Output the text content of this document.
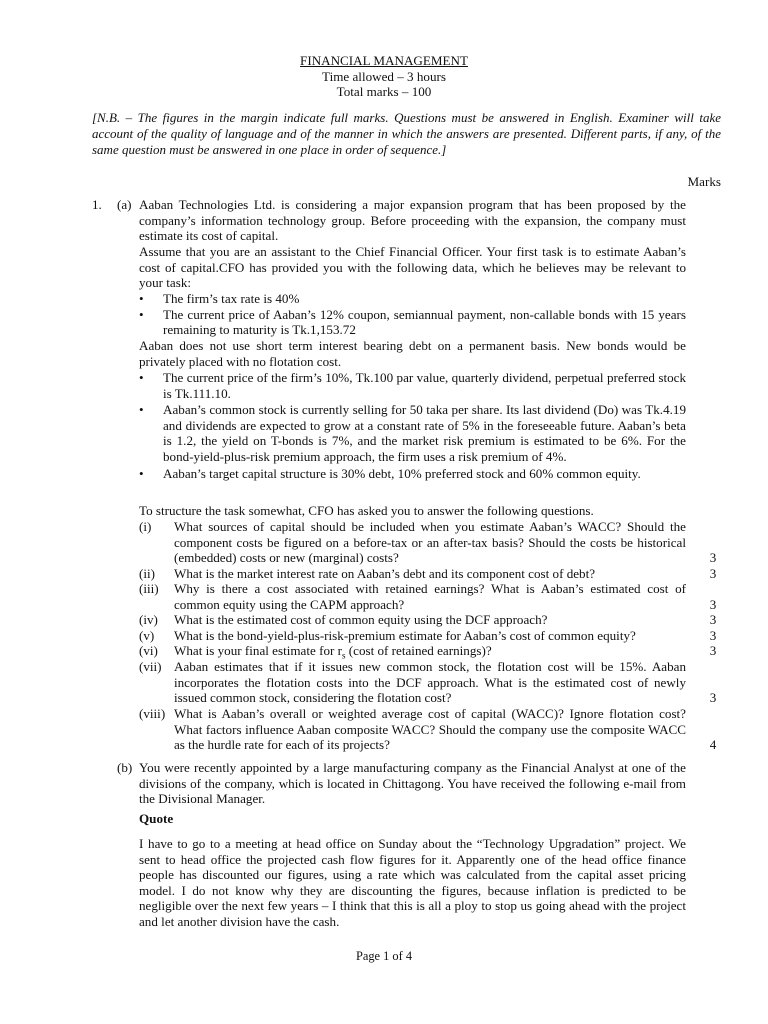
FINANCIAL MANAGEMENT
Time allowed – 3 hours
Total marks – 100
[N.B. – The figures in the margin indicate full marks. Questions must be answered in English. Examiner will take account of the quality of language and of the manner in which the answers are presented. Different parts, if any, of the same question must be answered in one place in order of sequence.]
Marks
1. (a) Aaban Technologies Ltd. is considering a major expansion program that has been proposed by the company’s information technology group. Before proceeding with the expansion, the company must estimate its cost of capital.
Assume that you are an assistant to the Chief Financial Officer. Your first task is to estimate Aaban’s cost of capital.CFO has provided you with the following data, which he believes may be relevant to your task:
•	The firm’s tax rate is 40%
•	The current price of Aaban’s 12% coupon, semiannual payment, non-callable bonds with 15 years remaining to maturity is Tk.1,153.72
Aaban does not use short term interest bearing debt on a permanent basis. New bonds would be privately placed with no flotation cost.
•	The current price of the firm’s 10%, Tk.100 par value, quarterly dividend, perpetual preferred stock is Tk.111.10.
•	Aaban’s common stock is currently selling for 50 taka per share. Its last dividend (Do) was Tk.4.19 and dividends are expected to grow at a constant rate of 5% in the foreseeable future. Aaban’s beta is 1.2, the yield on T-bonds is 7%, and the market risk premium is estimated to be 6%. For the bond-yield-plus-risk premium approach, the firm uses a risk premium of 4%.
•	Aaban’s target capital structure is 30% debt, 10% preferred stock and 60% common equity.
To structure the task somewhat, CFO has asked you to answer the following questions.
(i)	What sources of capital should be included when you estimate Aaban’s WACC? Should the component costs be figured on a before-tax or an after-tax basis? Should the costs be historical (embedded) costs or new (marginal) costs?	3
(ii)	What is the market interest rate on Aaban’s debt and its component cost of debt?	3
(iii)	Why is there a cost associated with retained earnings? What is Aaban’s estimated cost of common equity using the CAPM approach?	3
(iv)	What is the estimated cost of common equity using the DCF approach?	3
(v)	What is the bond-yield-plus-risk-premium estimate for Aaban’s cost of common equity?	3
(vi)	What is your final estimate for $r_s$ (cost of retained earnings)?	3
(vii) Aaban estimates that if it issues new common stock, the flotation cost will be 15%. Aaban incorporates the flotation costs into the DCF approach. What is the estimated cost of newly issued common stock, considering the flotation cost?	3
(viii) What is Aaban’s overall or weighted average cost of capital (WACC)? Ignore flotation cost? What factors influence Aaban composite WACC? Should the company use the composite WACC as the hurdle rate for each of its projects?	4
(b) You were recently appointed by a large manufacturing company as the Financial Analyst at one of the divisions of the company, which is located in Chittagong. You have received the following e-mail from the Divisional Manager.
Quote
I have to go to a meeting at head office on Sunday about the “Technology Upgradation” project. We sent to head office the projected cash flow figures for it. Apparently one of the head office finance people has discounted our figures, using a rate which was calculated from the capital asset pricing model. I do not know why they are discounting the figures, because inflation is predicted to be negligible over the next few years – I think that this is all a ploy to stop us going ahead with the project and let another division have the cash.
Page 1 of 4
